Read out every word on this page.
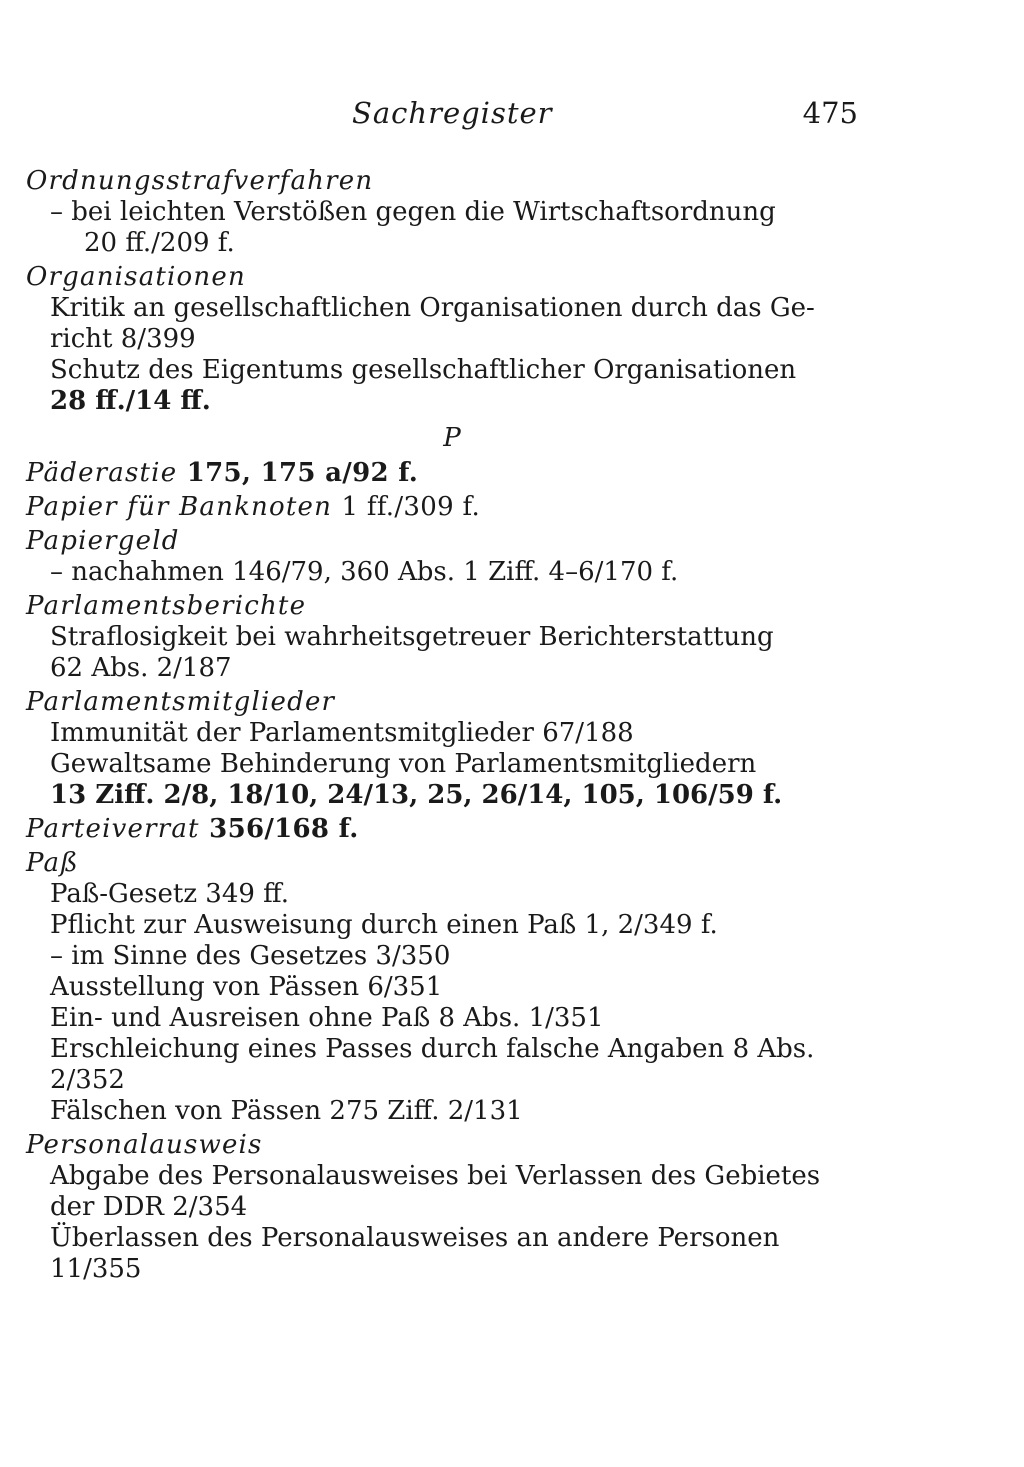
Sachregister	475

Ordnungsstrafverfahren

– bei leichten Verstößen gegen die Wirtschaftsordnung

20 ff./209 f.

Organisationen

Kritik an gesellschaftlichen Organisationen durch das Ge-

richt 8/399

Schutz des Eigentums gesellschaftlicher Organisationen

28 ff./14 ff.

P

Päderastie 175, 175 a/92 f.

Papier für Banknoten 1 ff./309 f.

Papiergeld

– nachahmen 146/79, 360 Abs. 1 Ziff. 4–6/170 f.

Parlamentsberichte

Straflosigkeit bei wahrheitsgetreuer Berichterstattung

62 Abs. 2/187

Parlamentsmitglieder

Immunität der Parlamentsmitglieder 67/188

Gewaltsame Behinderung von Parlamentsmitgliedern

13 Ziff. 2/8, 18/10, 24/13, 25, 26/14, 105, 106/59 f.

Parteiverrat 356/168 f.

Paß

Paß-Gesetz 349 ff.

Pflicht zur Ausweisung durch einen Paß 1, 2/349 f.

– im Sinne des Gesetzes 3/350

Ausstellung von Pässen 6/351

Ein- und Ausreisen ohne Paß 8 Abs. 1/351

Erschleichung eines Passes durch falsche Angaben 8 Abs.

2/352

Fälschen von Pässen 275 Ziff. 2/131

Personalausweis

Abgabe des Personalausweises bei Verlassen des Gebietes

der DDR 2/354

Überlassen des Personalausweises an andere Personen

11/355
